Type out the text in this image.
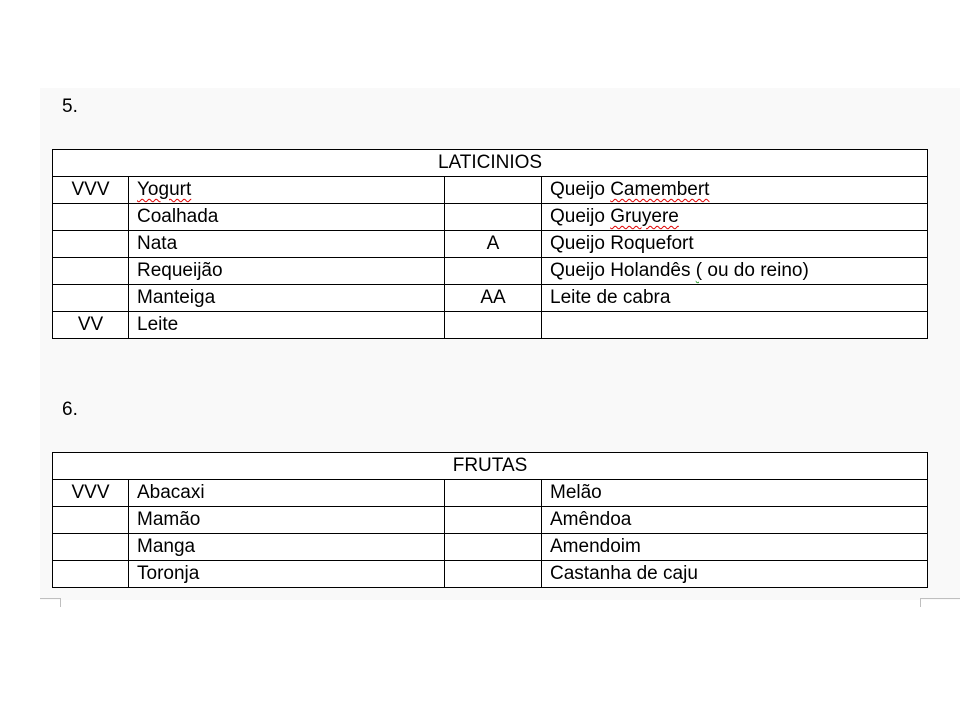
5.
LATICINIOS			
VVV	Yogurt		Queijo Camembert
	Coalhada		Queijo Gruyere
	Nata	A	Queijo Roquefort
	Requeijão		Queijo Holandês ( ou do reino)
	Manteiga	AA	Leite de cabra
VV	Leite		
6.
FRUTAS			
VVV	Abacaxi		Melão
	Mamão		Amêndoa
	Manga		Amendoim
	Toronja		Castanha de caju
